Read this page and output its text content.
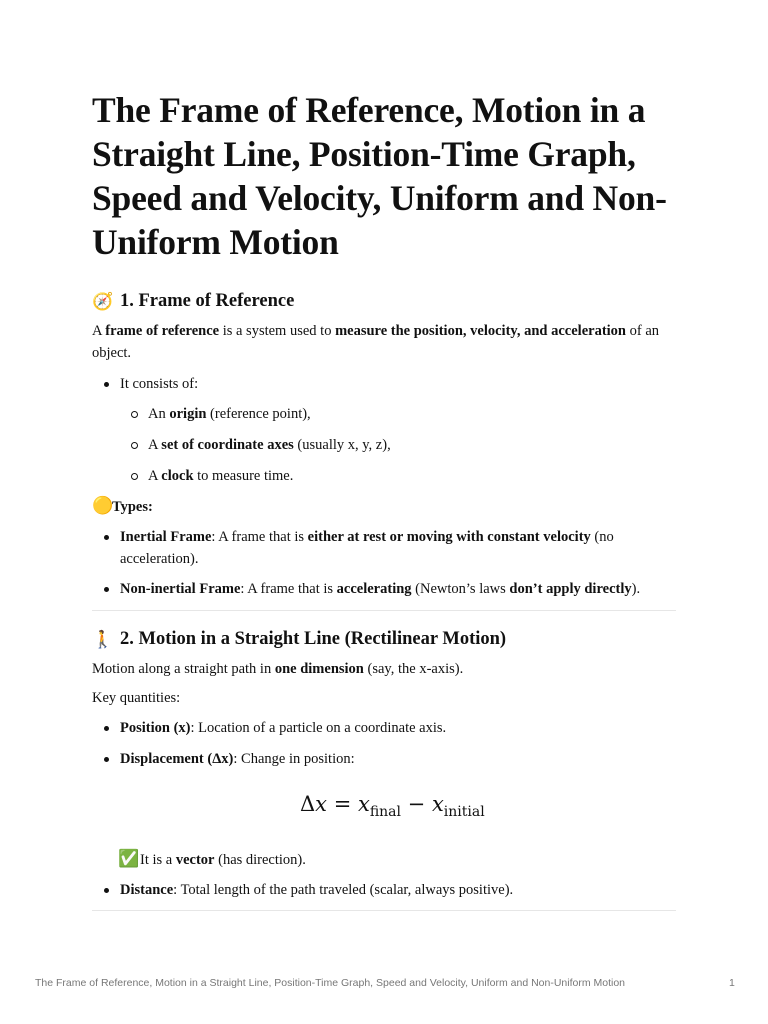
The Frame of Reference, Motion in a Straight Line, Position-Time Graph, Speed and Velocity, Uniform and Non-Uniform Motion
🧭 1. Frame of Reference

A frame of reference is a system used to measure the position, velocity, and acceleration of an object.

It consists of:
An origin (reference point),
A set of coordinate axes (usually x, y, z),
A clock to measure time.

🟡Types:

Inertial Frame: A frame that is either at rest or moving with constant velocity (no acceleration).
Non-inertial Frame: A frame that is accelerating (Newton’s laws don’t apply directly).
🚶 2. Motion in a Straight Line (Rectilinear Motion)

Motion along a straight path in one dimension (say, the x-axis).

Key quantities:

Position (x): Location of a particle on a coordinate axis.
Displacement (Δx): Change in position:
$\Delta x = x_{final} - x_{initial}$

✅It is a vector (has direction).

Distance: Total length of the path traveled (scalar, always positive).
The Frame of Reference, Motion in a Straight Line, Position-Time Graph, Speed and Velocity, Uniform and Non-Uniform Motion	1
